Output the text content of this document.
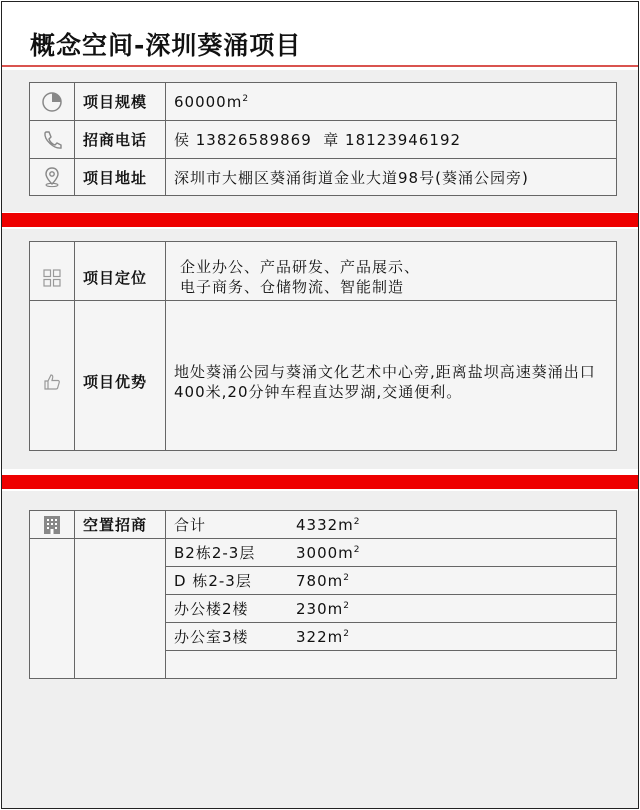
概念空间-深圳葵涌项目
	项目规模	$60000m^2$
	招商电话	侯 13826589869  章 18123946192
	项目地址	深圳市大棚区葵涌街道金业大道98号(葵涌公园旁)
	项目定位	企业办公、产品研发、产品展示、
电子商务、仓储物流、智能制造
	项目优势	地处葵涌公园与葵涌文化艺术中心旁,距离盐坝高速葵涌出口400米,20分钟车程直达罗湖,交通便利。
	空置招商	合计 $4332m^2$
		B2栋2-3层 $3000m^2$
		D 栋2-3层 $780m^2$
		办公楼2楼 $230m^2$
		办公室3楼 $322m^2$
